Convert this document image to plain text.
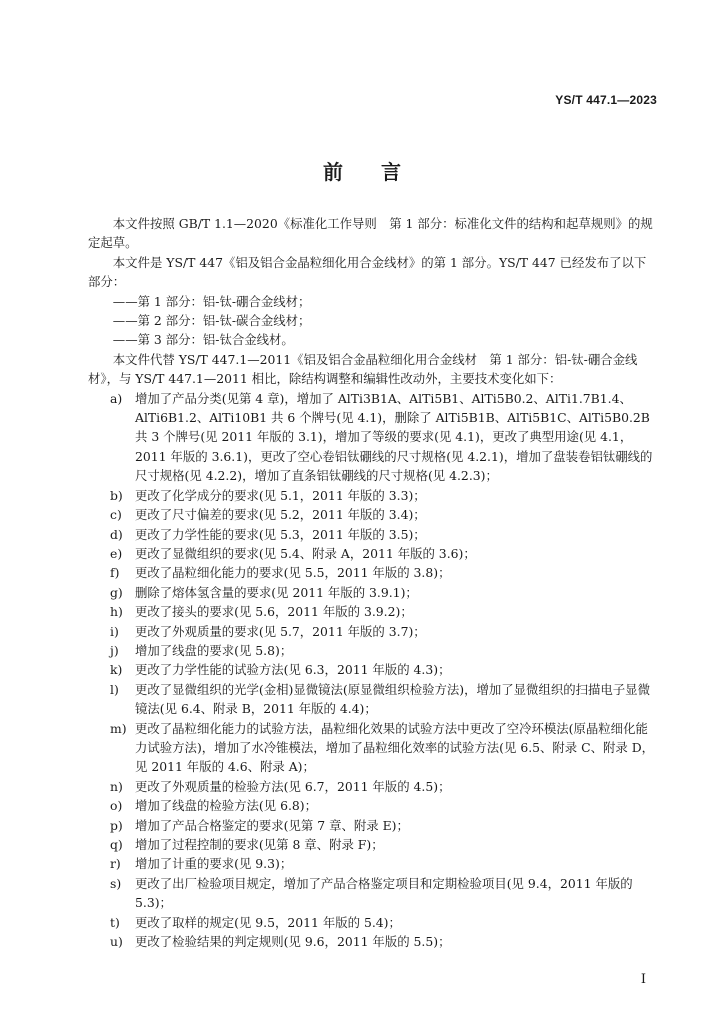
YS/T 447.1—2023
前言

本文件按照 GB/T 1.1—2020《标准化工作导则　第 1 部分：标准化文件的结构和起草规则》的规定起草。

本文件是 YS/T 447《铝及铝合金晶粒细化用合金线材》的第 1 部分。YS/T 447 已经发布了以下部分：

——第 1 部分：铝-钛-硼合金线材；

——第 2 部分：铝-钛-碳合金线材；

——第 3 部分：铝-钛合金线材。

本文件代替 YS/T 447.1—2011《铝及铝合金晶粒细化用合金线材　第 1 部分：铝-钛-硼合金线材》，与 YS/T 447.1—2011 相比，除结构调整和编辑性改动外，主要技术变化如下：

a)	增加了产品分类(见第 4 章)，增加了 AlTi3B1A、AlTi5B1、AlTi5B0.2、AlTi1.7B1.4、AlTi6B1.2、AlTi10B1 共 6 个牌号(见 4.1)，删除了 AlTi5B1B、AlTi5B1C、AlTi5B0.2B 共 3 个牌号(见 2011 年版的 3.1)，增加了等级的要求(见 4.1)，更改了典型用途(见 4.1，2011 年版的 3.6.1)，更改了空心卷铝钛硼线的尺寸规格(见 4.2.1)，增加了盘装卷铝钛硼线的尺寸规格(见 4.2.2)，增加了直条铝钛硼线的尺寸规格(见 4.2.3)；
b) 更改了化学成分的要求(见 5.1，2011 年版的 3.3)；
c)	更改了尺寸偏差的要求(见 5.2，2011 年版的 3.4)；
d) 更改了力学性能的要求(见 5.3，2011 年版的 3.5)；
e)	更改了显微组织的要求(见 5.4、附录 A，2011 年版的 3.6)；
f)	更改了晶粒细化能力的要求(见 5.5，2011 年版的 3.8)；
g) 删除了熔体氢含量的要求(见 2011 年版的 3.9.1)；
h) 更改了接头的要求(见 5.6，2011 年版的 3.9.2)；
i)	更改了外观质量的要求(见 5.7，2011 年版的 3.7)；
j)	增加了线盘的要求(见 5.8)；
k)	更改了力学性能的试验方法(见 6.3，2011 年版的 4.3)；
l)	更改了显微组织的光学(金相)显微镜法(原显微组织检验方法)，增加了显微组织的扫描电子显微镜法(见 6.4、附录 B，2011 年版的 4.4)；
m) 更改了晶粒细化能力的试验方法，晶粒细化效果的试验方法中更改了空冷环模法(原晶粒细化能力试验方法)，增加了水冷锥模法，增加了晶粒细化效率的试验方法(见 6.5、附录 C、附录 D，见 2011 年版的 4.6、附录 A)；
n) 更改了外观质量的检验方法(见 6.7，2011 年版的 4.5)；
o)	增加了线盘的检验方法(见 6.8)；
p) 增加了产品合格鉴定的要求(见第 7 章、附录 E)；
q) 增加了过程控制的要求(见第 8 章、附录 F)；
r)	增加了计重的要求(见 9.3)；
s)	更改了出厂检验项目规定，增加了产品合格鉴定项目和定期检验项目(见 9.4，2011 年版的 5.3)；
t)	更改了取样的规定(见 9.5，2011 年版的 5.4)；
u) 更改了检验结果的判定规则(见 9.6，2011 年版的 5.5)；
I
